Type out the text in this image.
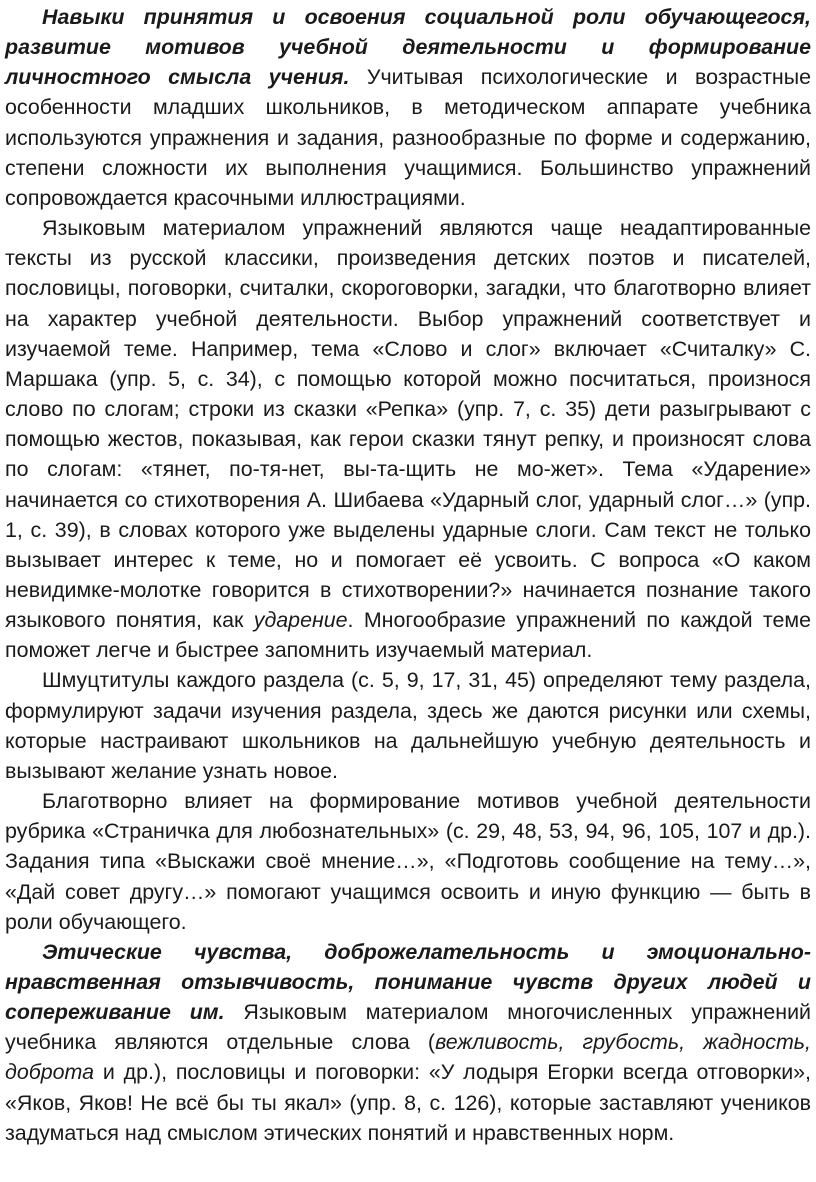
Навыки принятия и освоения социальной роли обучающегося, развитие мотивов учебной деятельности и формирование личностного смысла учения. Учитывая психологические и возрастные особенности младших школьников, в методическом аппарате учебника используются упражнения и задания, разнообразные по форме и содержанию, степени сложности их выполнения учащимися. Большинство упражнений сопровождается красочными иллюстрациями.

Языковым материалом упражнений являются чаще неадаптированные тексты из русской классики, произведения детских поэтов и писателей, пословицы, поговорки, считалки, скороговорки, загадки, что благотворно влияет на характер учебной деятельности. Выбор упражнений соответствует и изучаемой теме. Например, тема «Слово и слог» включает «Считалку» С. Маршака (упр. 5, с. 34), с помощью которой можно посчитаться, произнося слово по слогам; строки из сказки «Репка» (упр. 7, с. 35) дети разыгрывают с помощью жестов, показывая, как герои сказки тянут репку, и произносят слова по слогам: «тянет, по-тя-нет, вы-та-щить не мо-жет». Тема «Ударение» начинается со стихотворения А. Шибаева «Ударный слог, ударный слог…» (упр. 1, с. 39), в словах которого уже выделены ударные слоги. Сам текст не только вызывает интерес к теме, но и помогает её усвоить. С вопроса «О каком невидимке-молотке говорится в стихотворении?» начинается познание такого языкового понятия, как ударение. Многообразие упражнений по каждой теме поможет легче и быстрее запомнить изучаемый материал.

Шмуцтитулы каждого раздела (с. 5, 9, 17, 31, 45) определяют тему раздела, формулируют задачи изучения раздела, здесь же даются рисунки или схемы, которые настраивают школьников на дальнейшую учебную деятельность и вызывают желание узнать новое.

Благотворно влияет на формирование мотивов учебной деятельности рубрика «Страничка для любознательных» (с. 29, 48, 53, 94, 96, 105, 107 и др.). Задания типа «Выскажи своё мнение…», «Подготовь сообщение на тему…», «Дай совет другу…» помогают учащимся освоить и иную функцию — быть в роли обучающего.

Этические чувства, доброжелательность и эмоционально-нравственная отзывчивость, понимание чувств других людей и сопереживание им. Языковым материалом многочисленных упражнений учебника являются отдельные слова (вежливость, грубость, жадность, доброта и др.), пословицы и поговорки: «У лодыря Егорки всегда отговорки», «Яков, Яков! Не всё бы ты якал» (упр. 8, с. 126), которые заставляют учеников задуматься над смыслом этических понятий и нравственных норм.
